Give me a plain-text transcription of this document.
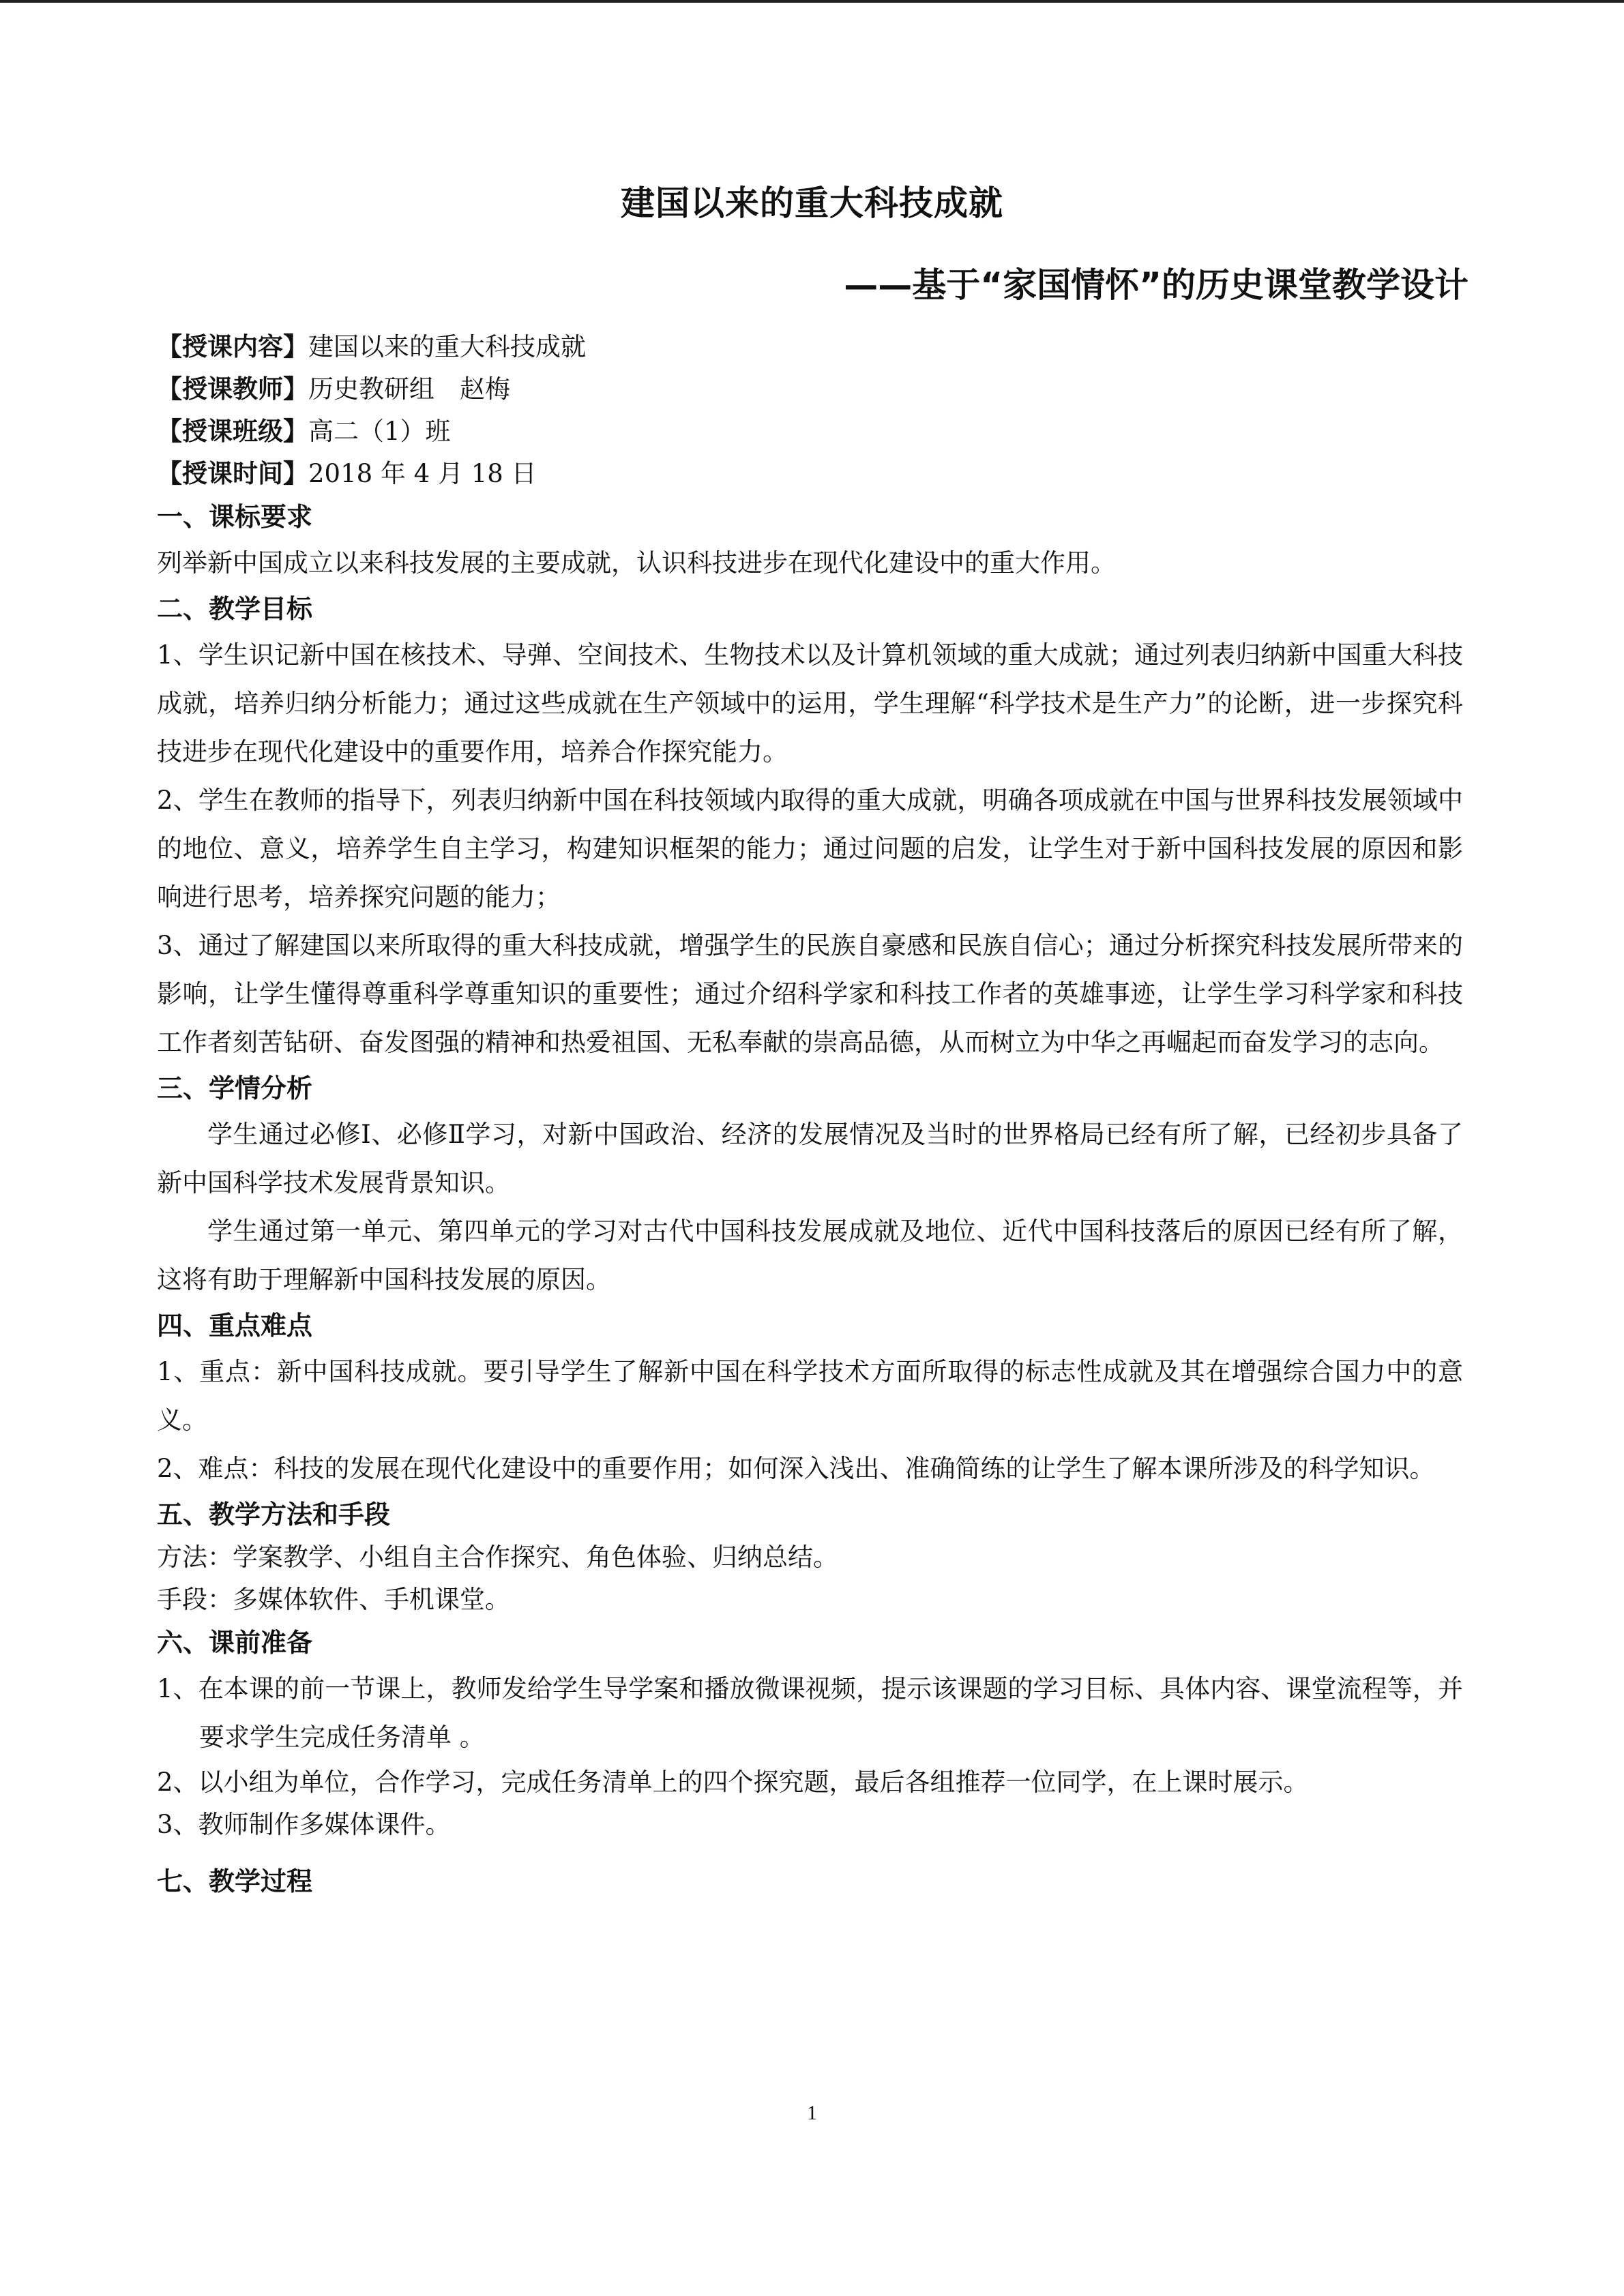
建国以来的重大科技成就
——基于“家国情怀”的历史课堂教学设计
【授课内容】建国以来的重大科技成就
【授课教师】历史教研组　赵梅
【授课班级】高二（1）班
【授课时间】2018 年 4 月 18 日
一、课标要求
列举新中国成立以来科技发展的主要成就，认识科技进步在现代化建设中的重大作用。
二、教学目标
1、学生识记新中国在核技术、导弹、空间技术、生物技术以及计算机领域的重大成就；通过列表归纳新中国重大科技成就，培养归纳分析能力；通过这些成就在生产领域中的运用，学生理解“科学技术是生产力”的论断，进一步探究科技进步在现代化建设中的重要作用，培养合作探究能力。
2、学生在教师的指导下，列表归纳新中国在科技领域内取得的重大成就，明确各项成就在中国与世界科技发展领域中的地位、意义，培养学生自主学习，构建知识框架的能力；通过问题的启发，让学生对于新中国科技发展的原因和影响进行思考，培养探究问题的能力；
3、通过了解建国以来所取得的重大科技成就，增强学生的民族自豪感和民族自信心；通过分析探究科技发展所带来的影响，让学生懂得尊重科学尊重知识的重要性；通过介绍科学家和科技工作者的英雄事迹，让学生学习科学家和科技工作者刻苦钻研、奋发图强的精神和热爱祖国、无私奉献的崇高品德，从而树立为中华之再崛起而奋发学习的志向。
三、学情分析
学生通过必修Ⅰ、必修Ⅱ学习，对新中国政治、经济的发展情况及当时的世界格局已经有所了解，已经初步具备了新中国科学技术发展背景知识。
学生通过第一单元、第四单元的学习对古代中国科技发展成就及地位、近代中国科技落后的原因已经有所了解，这将有助于理解新中国科技发展的原因。
四、重点难点
1、重点：新中国科技成就。要引导学生了解新中国在科学技术方面所取得的标志性成就及其在增强综合国力中的意义。
2、难点：科技的发展在现代化建设中的重要作用；如何深入浅出、准确简练的让学生了解本课所涉及的科学知识。
五、教学方法和手段
方法：学案教学、小组自主合作探究、角色体验、归纳总结。
手段：多媒体软件、手机课堂。
六、课前准备
1、在本课的前一节课上，教师发给学生导学案和播放微课视频，提示该课题的学习目标、具体内容、课堂流程等，并要求学生完成任务清单 。
2、以小组为单位，合作学习，完成任务清单上的四个探究题，最后各组推荐一位同学，在上课时展示。
3、教师制作多媒体课件。
七、教学过程
1
